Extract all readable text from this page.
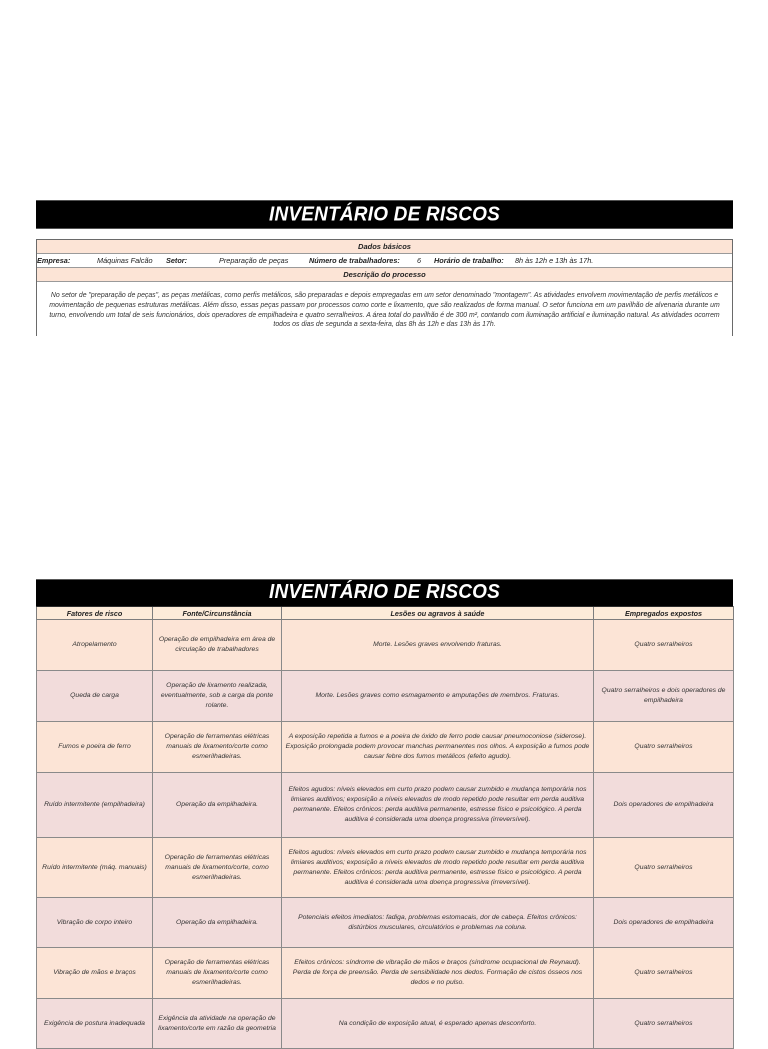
INVENTÁRIO DE RISCOS
Dados básicos
Empresa:	Máquinas Falcão Setor:	Preparação de peças	Número de trabalhadores: 6 Horário de trabalho: 8h às 12h e 13h às 17h.
Descrição do processo
No setor de "preparação de peças", as peças metálicas, como perfis metálicos, são preparadas e depois empregadas em um setor denominado "montagem". As atividades envolvem movimentação de perfis metálicos e movimentação de pequenas estruturas metálicas. Além disso, essas peças passam por processos como corte e lixamento, que são realizados de forma manual. O setor funciona em um pavilhão de alvenaria durante um turno, envolvendo um total de seis funcionários, dois operadores de empilhadeira e quatro serralheiros. A área total do pavilhão é de 300 m², contando com iluminação artificial e iluminação natural. As atividades ocorrem todos os dias de segunda a sexta-feira, das 8h às 12h e das 13h às 17h.
INVENTÁRIO DE RISCOS
Fatores de risco	Fonte/Circunstância	Lesões ou agravos à saúde	Empregados expostos
Atropelamento	Operação de empilhadeira em área de circulação de trabalhadores	Morte. Lesões graves envolvendo fraturas.	Quatro serralheiros
Queda de carga	Operação de lixamento realizada, eventualmente, sob a carga da ponte rolante.	Morte. Lesões graves como esmagamento e amputações de membros. Fraturas.	Quatro serralheiros e dois operadores de empilhadeira
Fumos e poeira de ferro	Operação de ferramentas elétricas manuais de lixamento/corte como esmerilhadeiras.	A exposição repetida a fumos e a poeira de óxido de ferro pode causar pneumoconiose (siderose). Exposição prolongada podem provocar manchas permanentes nos olhos. A exposição a fumos pode causar febre dos fumos metálicos (efeito agudo).	Quatro serralheiros
Ruído intermitente (empilhadeira)	Operação da empilhadeira.	Efeitos agudos: níveis elevados em curto prazo podem causar zumbido e mudança temporária nos limiares auditivos; exposição a níveis elevados de modo repetido pode resultar em perda auditiva permanente. Efeitos crônicos: perda auditiva permanente, estresse físico e psicológico. A perda auditiva é considerada uma doença progressiva (irreversível).	Dois operadores de empilhadeira
Ruído intermitente (máq. manuais)	Operação de ferramentas elétricas manuais de lixamento/corte, como esmerilhadeiras.	Efeitos agudos: níveis elevados em curto prazo podem causar zumbido e mudança temporária nos limiares auditivos; exposição a níveis elevados de modo repetido pode resultar em perda auditiva permanente. Efeitos crônicos: perda auditiva permanente, estresse físico e psicológico. A perda auditiva é considerada uma doença progressiva (irreversível).	Quatro serralheiros
Vibração de corpo inteiro	Operação da empilhadeira.	Potenciais efeitos imediatos: fadiga, problemas estomacais, dor de cabeça. Efeitos crônicos: distúrbios musculares, circulatórios e problemas na coluna.	Dois operadores de empilhadeira
Vibração de mãos e braços	Operação de ferramentas elétricas manuais de lixamento/corte como esmerilhadeiras.	Efeitos crônicos: síndrome de vibração de mãos e braços (síndrome ocupacional de Reynaud). Perda de força de preensão. Perda de sensibilidade nos dedos. Formação de cistos ósseos nos dedos e no pulso.	Quatro serralheiros
Exigência de postura inadequada	Exigência da atividade na operação de lixamento/corte em razão da geometria	Na condição de exposição atual, é esperado apenas desconforto.	Quatro serralheiros
